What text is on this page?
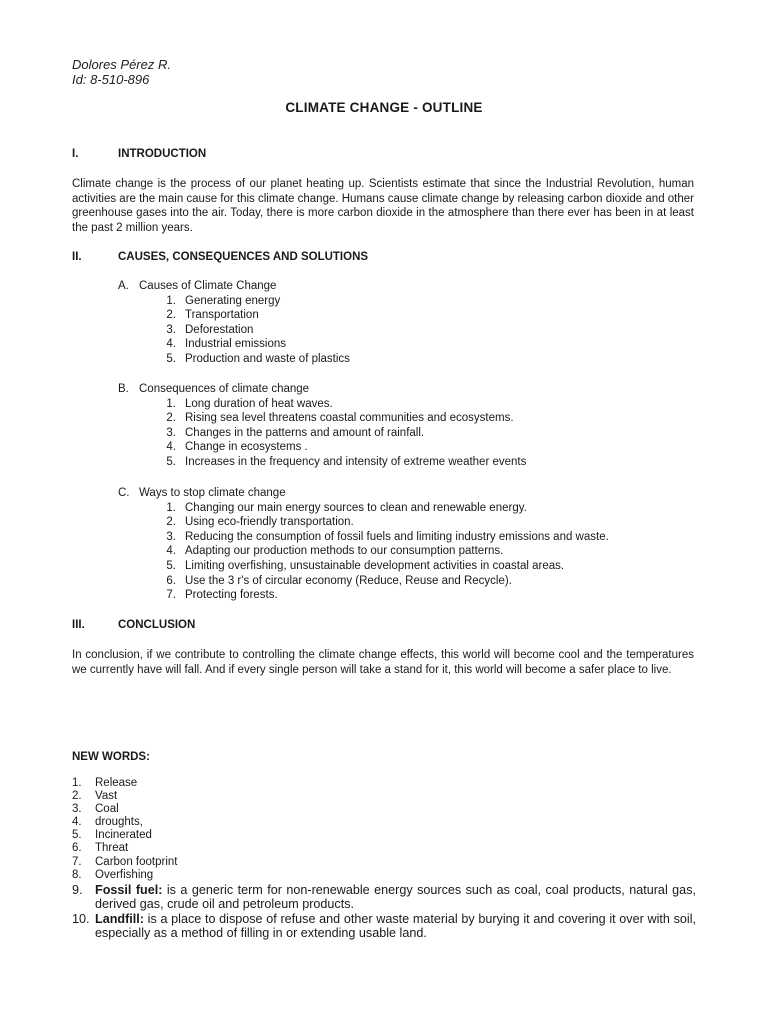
Dolores Pérez R.
Id: 8-510-896
CLIMATE CHANGE - OUTLINE
I.	INTRODUCTION
Climate change is the process of our planet heating up. Scientists estimate that since the Industrial Revolution, human activities are the main cause for this climate change. Humans cause climate change by releasing carbon dioxide and other greenhouse gases into the air. Today, there is more carbon dioxide in the atmosphere than there ever has been in at least the past 2 million years.
II.	CAUSES, CONSEQUENCES AND SOLUTIONS
A. Causes of Climate Change
1. Generating energy
2. Transportation
3. Deforestation
4. Industrial emissions
5. Production and waste of plastics
B. Consequences of climate change
1. Long duration of heat waves.
2. Rising sea level threatens coastal communities and ecosystems.
3. Changes in the patterns and amount of rainfall.
4. Change in ecosystems .
5. Increases in the frequency and intensity of extreme weather events
C. Ways to stop climate change
1. Changing our main energy sources to clean and renewable energy.
2. Using eco-friendly transportation.
3. Reducing the consumption of fossil fuels and limiting industry emissions and waste.
4. Adapting our production methods to our consumption patterns.
5. Limiting overfishing, unsustainable development activities in coastal areas.
6. Use the 3 r's of circular economy (Reduce, Reuse and Recycle).
7. Protecting forests.
III.	CONCLUSION
In conclusion, if we contribute to controlling the climate change effects, this world will become cool and the temperatures we currently have will fall. And if every single person will take a stand for it, this world will become a safer place to live.
NEW WORDS:
1. Release
2. Vast
3. Coal
4. droughts,
5. Incinerated
6. Threat
7. Carbon footprint
8. Overfishing
9. Fossil fuel: is a generic term for non-renewable energy sources such as coal, coal products, natural gas, derived gas, crude oil and petroleum products.
10. Landfill: is a place to dispose of refuse and other waste material by burying it and covering it over with soil, especially as a method of filling in or extending usable land.
